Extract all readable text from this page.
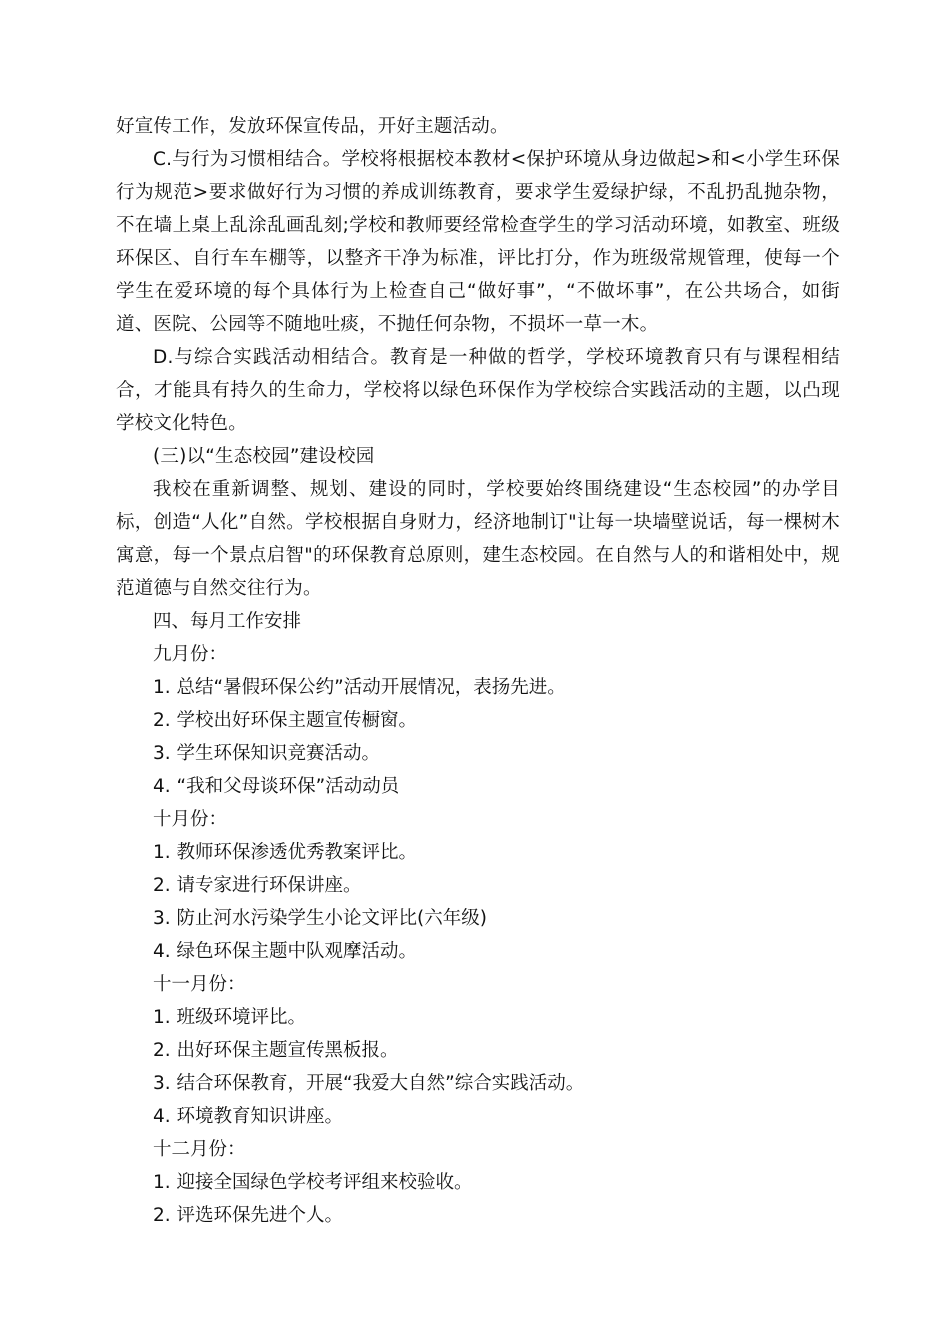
好宣传工作，发放环保宣传品，开好主题活动。

C.与行为习惯相结合。学校将根据校本教材<保护环境从身边做起>和<小学生环保行为规范>要求做好行为习惯的养成训练教育，要求学生爱绿护绿，不乱扔乱抛杂物，不在墙上桌上乱涂乱画乱刻;学校和教师要经常检查学生的学习活动环境，如教室、班级环保区、自行车车棚等，以整齐干净为标准，评比打分，作为班级常规管理，使每一个学生在爱环境的每个具体行为上检查自己“做好事”，“不做坏事”，在公共场合，如街道、医院、公园等不随地吐痰，不抛任何杂物，不损坏一草一木。

D.与综合实践活动相结合。教育是一种做的哲学，学校环境教育只有与课程相结合，才能具有持久的生命力，学校将以绿色环保作为学校综合实践活动的主题，以凸现学校文化特色。

(三)以“生态校园”建设校园

我校在重新调整、规划、建设的同时，学校要始终围绕建设“生态校园”的办学目标，创造“人化”自然。学校根据自身财力，经济地制订"让每一块墙壁说话，每一棵树木寓意，每一个景点启智"的环保教育总原则，建生态校园。在自然与人的和谐相处中，规范道德与自然交往行为。

四、每月工作安排

九月份：

1. 总结“暑假环保公约”活动开展情况，表扬先进。

2. 学校出好环保主题宣传橱窗。

3. 学生环保知识竞赛活动。

4. “我和父母谈环保”活动动员

十月份：

1. 教师环保渗透优秀教案评比。

2. 请专家进行环保讲座。

3. 防止河水污染学生小论文评比(六年级)

4. 绿色环保主题中队观摩活动。

十一月份：

1. 班级环境评比。

2. 出好环保主题宣传黑板报。

3. 结合环保教育，开展“我爱大自然”综合实践活动。

4. 环境教育知识讲座。

十二月份：

1. 迎接全国绿色学校考评组来校验收。

2. 评选环保先进个人。
